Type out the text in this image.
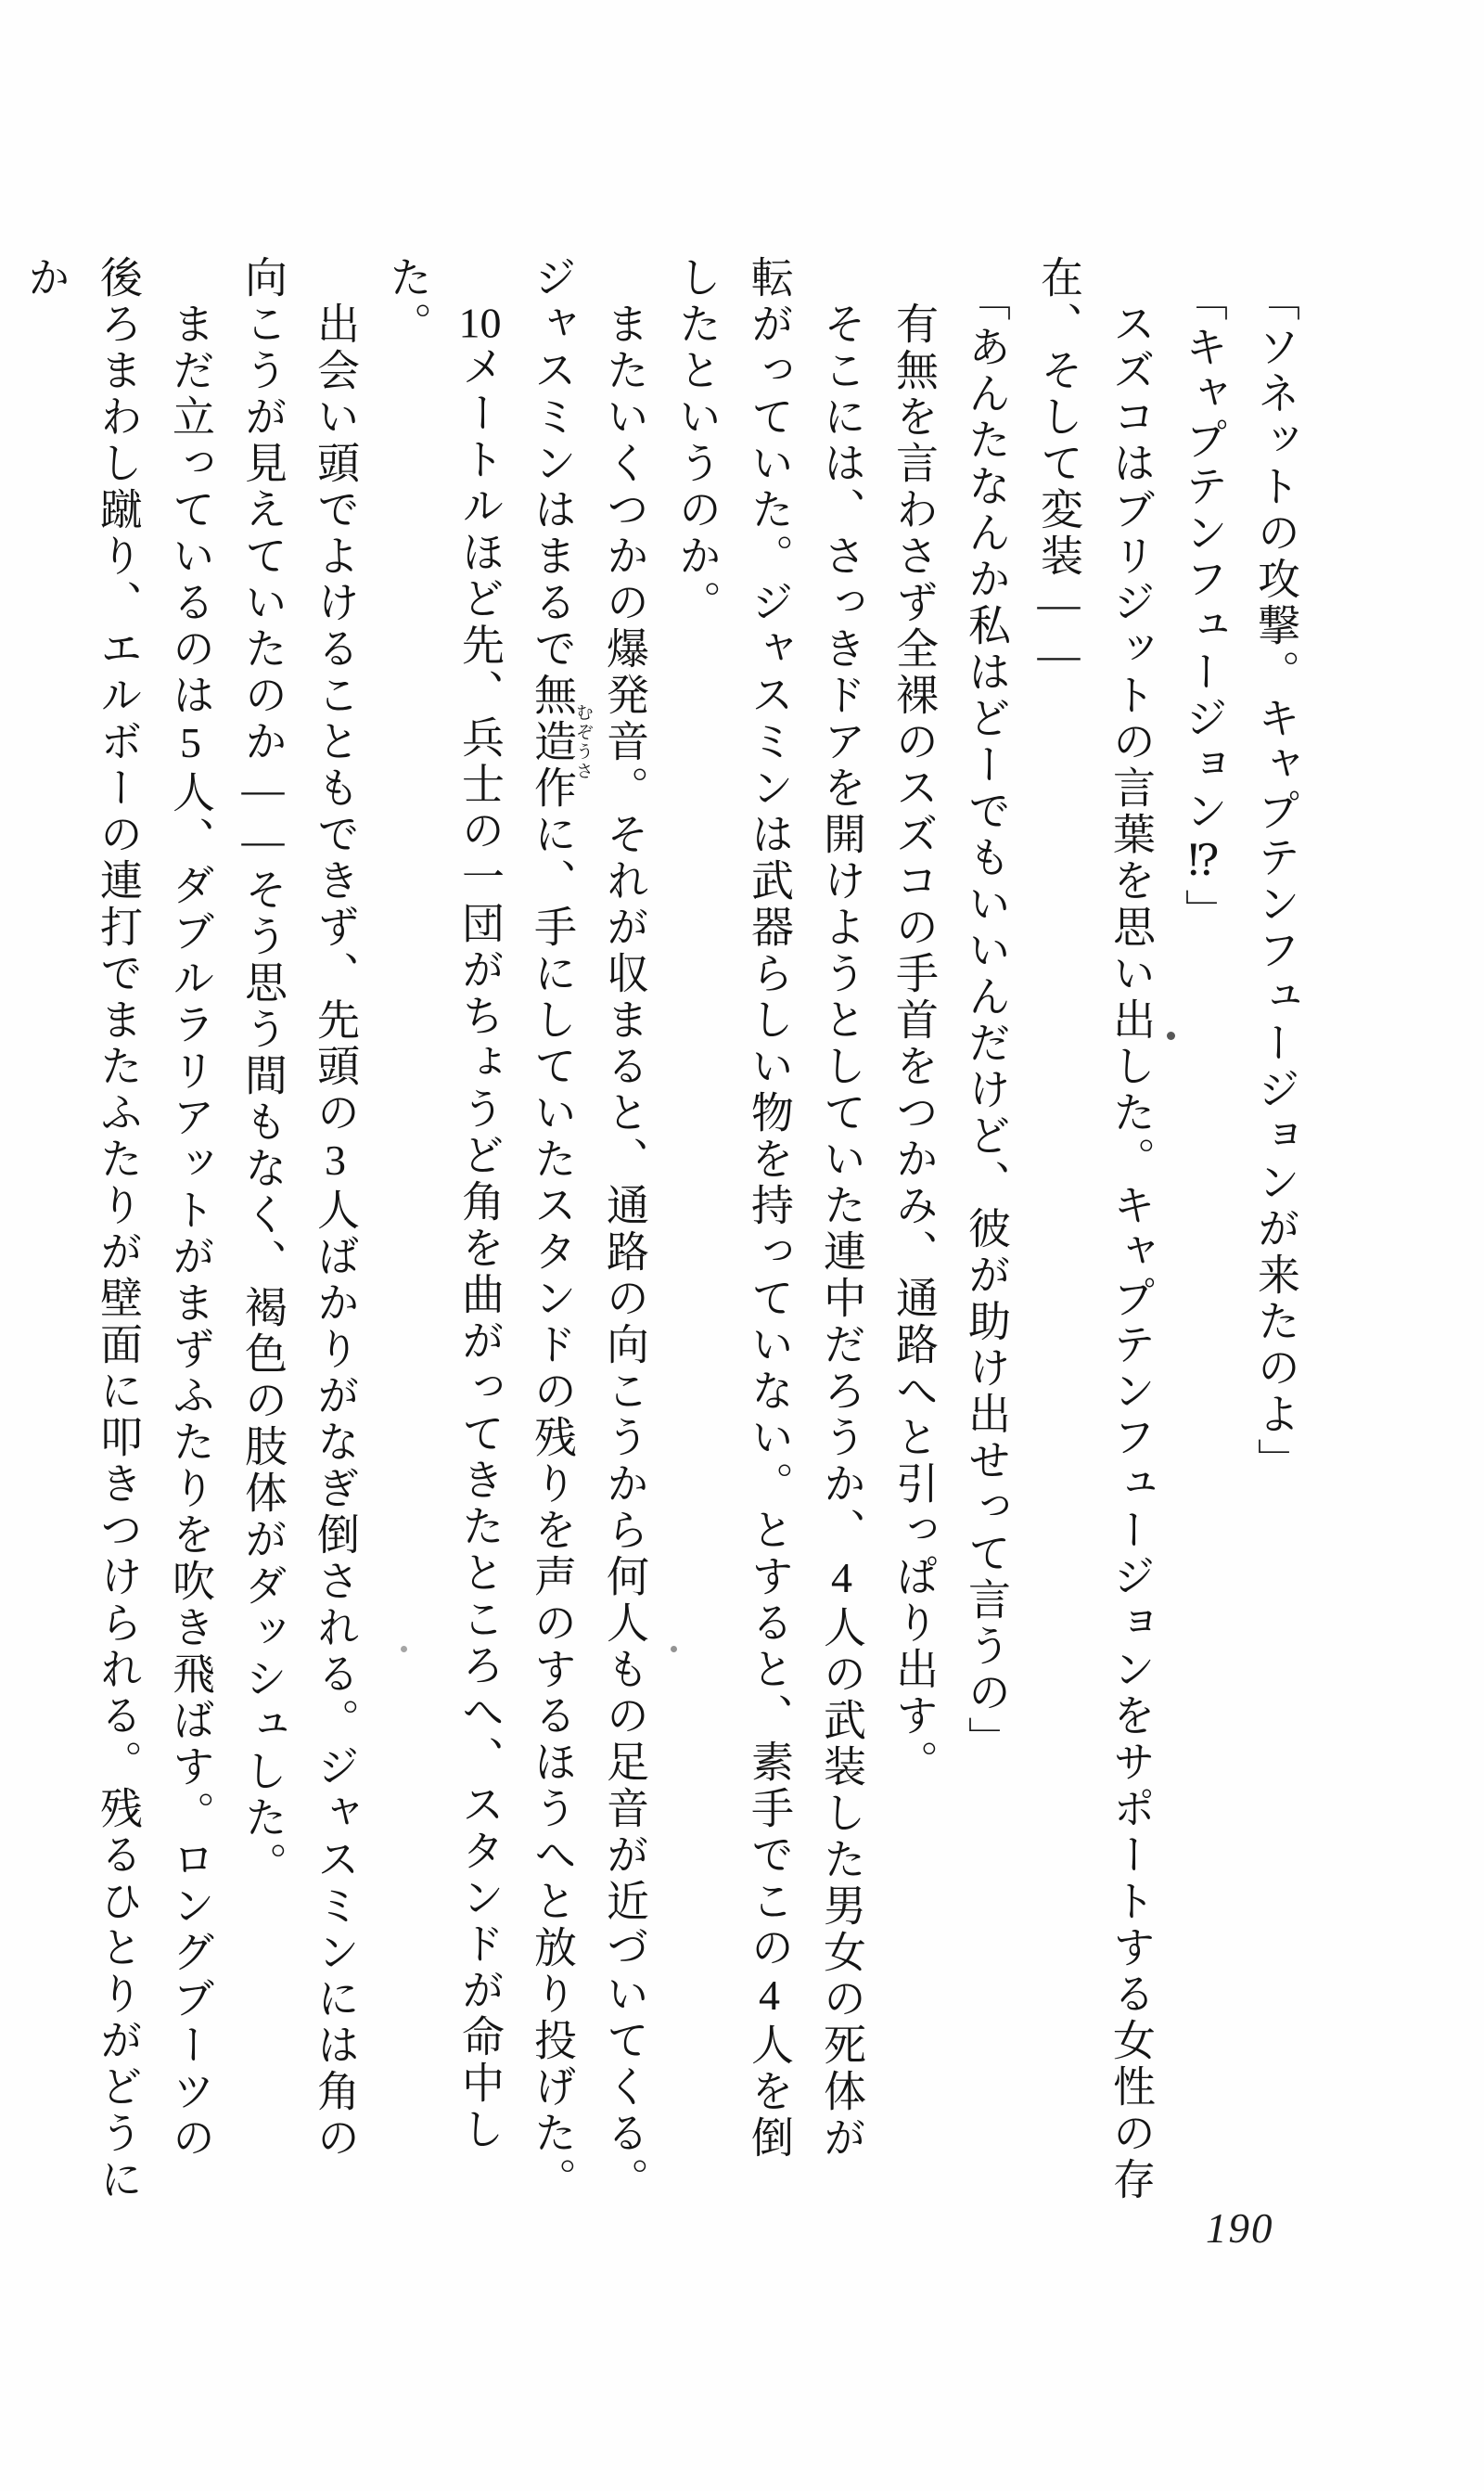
「ソネットの攻撃。キャプテンフュージョンが来たのよ」

「キャプテンフュージョン⁉」

スズコはブリジットの言葉を思い出した。キャプテンフュージョンをサポートする女性の存在、そして変装――

「あんたなんか私はどーでもいいんだけど、彼が助け出せって言うの」

有無を言わさず全裸のスズコの手首をつかみ、通路へと引っぱり出す。

そこには、さっきドアを開けようとしていた連中だろうか、4人の武装した男女の死体が転がっていた。ジャスミンは武器らしい物を持っていない。とすると、素手でこの4人を倒したというのか。

またいくつかの爆発音。それが収まると、通路の向こうから何人もの足音が近づいてくる。ジャスミンはまるで無造作むぞうさに、手にしていたスタンドの残りを声のするほうへと放り投げた。

10メートルほど先、兵士の一団がちょうど角を曲がってきたところへ、スタンドが命中した。

出会い頭でよけることもできず、先頭の3人ばかりがなぎ倒される。ジャスミンには角の向こうが見えていたのか――そう思う間もなく、褐色の肢体がダッシュした。

まだ立っているのは5人、ダブルラリアットがまずふたりを吹き飛ばす。ロングブーツの後ろまわし蹴り、エルボーの連打でまたふたりが壁面に叩きつけられる。残るひとりがどうにか

190
